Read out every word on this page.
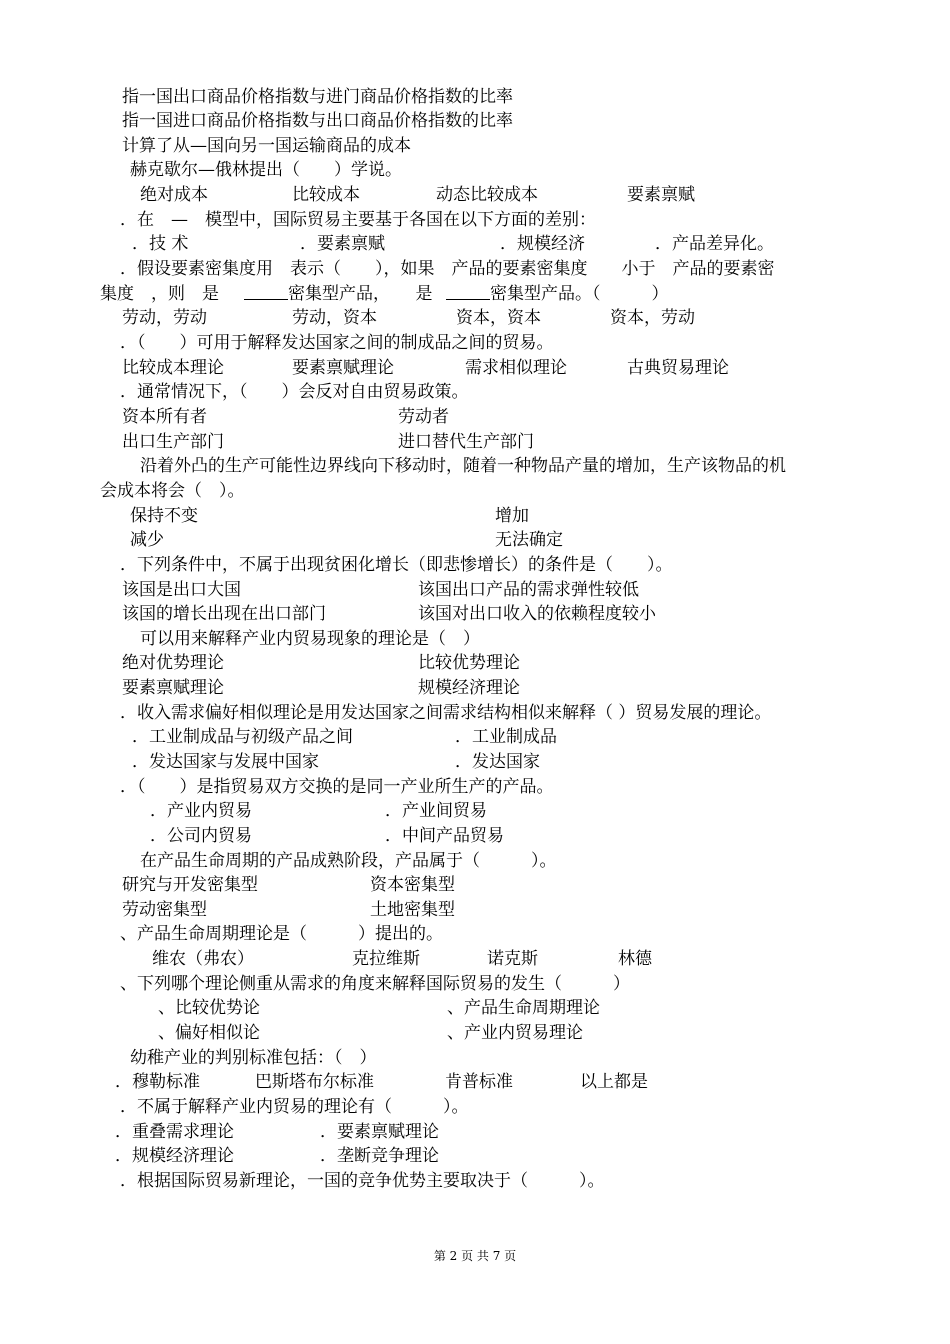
指一国出口商品价格指数与进门商品价格指数的比率
指一国进口商品价格指数与出口商品价格指数的比率
计算了从—国向另一国运输商品的成本
赫克歇尔—俄林提出（　　）学说。
绝对成本	比较成本	动态比较成本	要素禀赋
．在　—　模型中，国际贸易主要基于各国在以下方面的差别：
．技 术	．要素禀赋	．规模经济	．产品差异化。
．假设要素密集度用　表示（　　），如果　产品的要素密集度　　小于　产品的要素密
集 度　，则　是	密集型产品，　　是	密集型产品。（　　　）
劳动，劳动	劳动，资本	资本，资本	资本，劳动
．（　　）可用于解释发达国家之间的制成品之间的贸易。
比较成本理论	要素禀赋理论	需求相似理论	古典贸易理论
．通常情况下，（　　）会反对自由贸易政策。
资本所有者	劳动者
出口生产部门	进口替代生产部门
沿着外凸的生产可能性边界线向下移动时，随着一种物品产量的增加，生产该物品的机
会成本将会（　）。
保持不变	增加
减少	无法确定
．下列条件中，不属于出现贫困化增长（即悲惨增长）的条件是（　　）。
该国是出口大国	该国出口产品的需求弹性较低
该国的增长出现在出口部门	该国对出口收入的依赖程度较小
可以用来解释产业内贸易现象的理论是（　）
绝对优势理论	比较优势理论
要素禀赋理论	规模经济理论
．收入需求偏好相似理论是用发达国家之间需求结构相似来解释（ ）贸易发展的理论。
．工业制成品与初级产品之间	．工业制成品
．发达国家与发展中国家	．发达国家
．（　　）是指贸易双方交换的是同一产业所生产的产品。
．产业内贸易	．产业间贸易
．公司内贸易	．中间产品贸易
在产品生命周期的产品成熟阶段，产品属于（　　　）。
研究与开发密集型	资本密集型
劳动密集型	土地密集型
、产品生命周期理论是（　　　）提出的。
维农（弗农）	克拉维斯	诺克斯	林德
、下列哪个理论侧重从需求的角度来解释国际贸易的发生（　　　）
、比较优势论	、产品生命周期理论
、偏好相似论	、产业内贸易理论
幼稚产业的判别标准包括：（　）
．穆勒标准	巴斯塔布尔标准	肯普标准	以上都是
．不属于解释产业内贸易的理论有（　　　）。
．重叠需求理论	．要素禀赋理论
．规模经济理论	．垄断竞争理论
．根据国际贸易新理论，一国的竞争优势主要取决于（　　　）。
第 2 页 共 7 页
